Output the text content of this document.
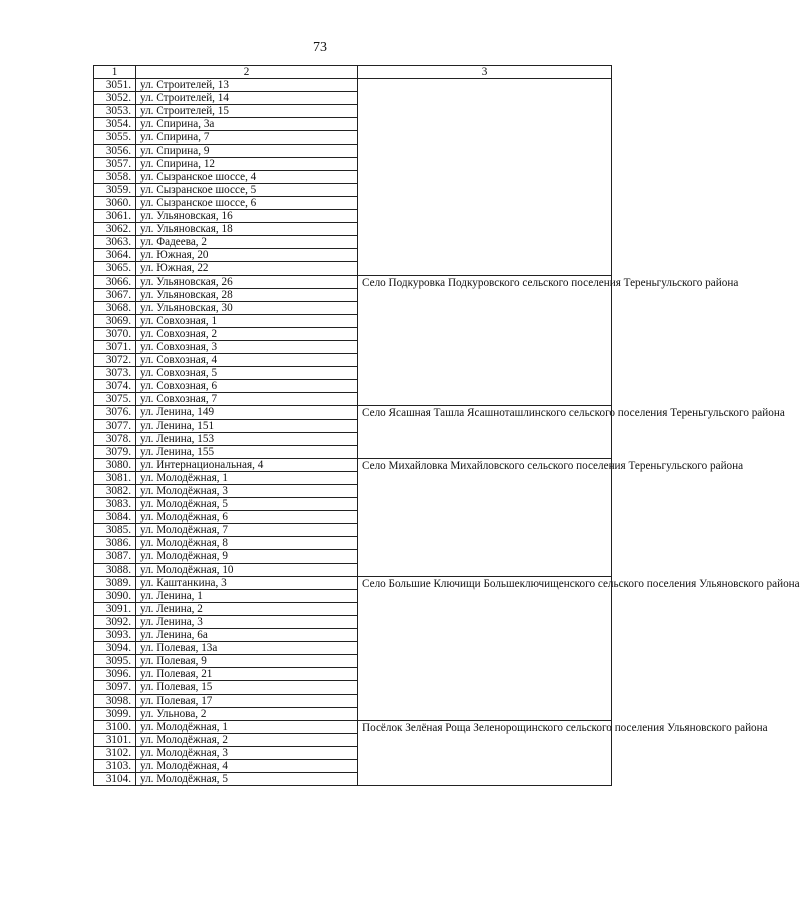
73
1	2	3
3051.	ул. Строителей, 13	
3052.	ул. Строителей, 14	
3053.	ул. Строителей, 15	
3054.	ул. Спирина, 3а	
3055.	ул. Спирина, 7	
3056.	ул. Спирина, 9	
3057.	ул. Спирина, 12	
3058.	ул. Сызранское шоссе, 4	
3059.	ул. Сызранское шоссе, 5	
3060.	ул. Сызранское шоссе, 6	
3061.	ул. Ульяновская, 16	
3062.	ул. Ульяновская, 18	
3063.	ул. Фадеева, 2	
3064.	ул. Южная, 20	
3065.	ул. Южная, 22	
3066.	ул. Ульяновская, 26	Село Подкуровка Подкуровского сельского поселения Тереньгульского района
3067.	ул. Ульяновская, 28	
3068.	ул. Ульяновская, 30	
3069.	ул. Совхозная, 1	
3070.	ул. Совхозная, 2	
3071.	ул. Совхозная, 3	
3072.	ул. Совхозная, 4	
3073.	ул. Совхозная, 5	
3074.	ул. Совхозная, 6	
3075.	ул. Совхозная, 7	
3076.	ул. Ленина, 149	Село Ясашная Ташла Ясашноташлинского сельского поселения Тереньгульского района
3077.	ул. Ленина, 151	
3078.	ул. Ленина, 153	
3079.	ул. Ленина, 155	
3080.	ул. Интернациональная, 4	Село Михайловка Михайловского сельского поселения Тереньгульского района
3081.	ул. Молодёжная, 1	
3082.	ул. Молодёжная, 3	
3083.	ул. Молодёжная, 5	
3084.	ул. Молодёжная, 6	
3085.	ул. Молодёжная, 7	
3086.	ул. Молодёжная, 8	
3087.	ул. Молодёжная, 9	
3088.	ул. Молодёжная, 10	
3089.	ул. Каштанкина, 3	Село Большие Ключищи Большеключищенского сельского поселения Ульяновского района
3090.	ул. Ленина, 1	
3091.	ул. Ленина, 2	
3092.	ул. Ленина, 3	
3093.	ул. Ленина, 6а	
3094.	ул. Полевая, 13а	
3095.	ул. Полевая, 9	
3096.	ул. Полевая, 21	
3097.	ул. Полевая, 15	
3098.	ул. Полевая, 17	
3099.	ул. Ульнова, 2	
3100.	ул. Молодёжная, 1	Посёлок Зелёная Роща Зеленорощинского сельского поселения Ульяновского района
3101.	ул. Молодёжная, 2	
3102.	ул. Молодёжная, 3	
3103.	ул. Молодёжная, 4	
3104.	ул. Молодёжная, 5	
